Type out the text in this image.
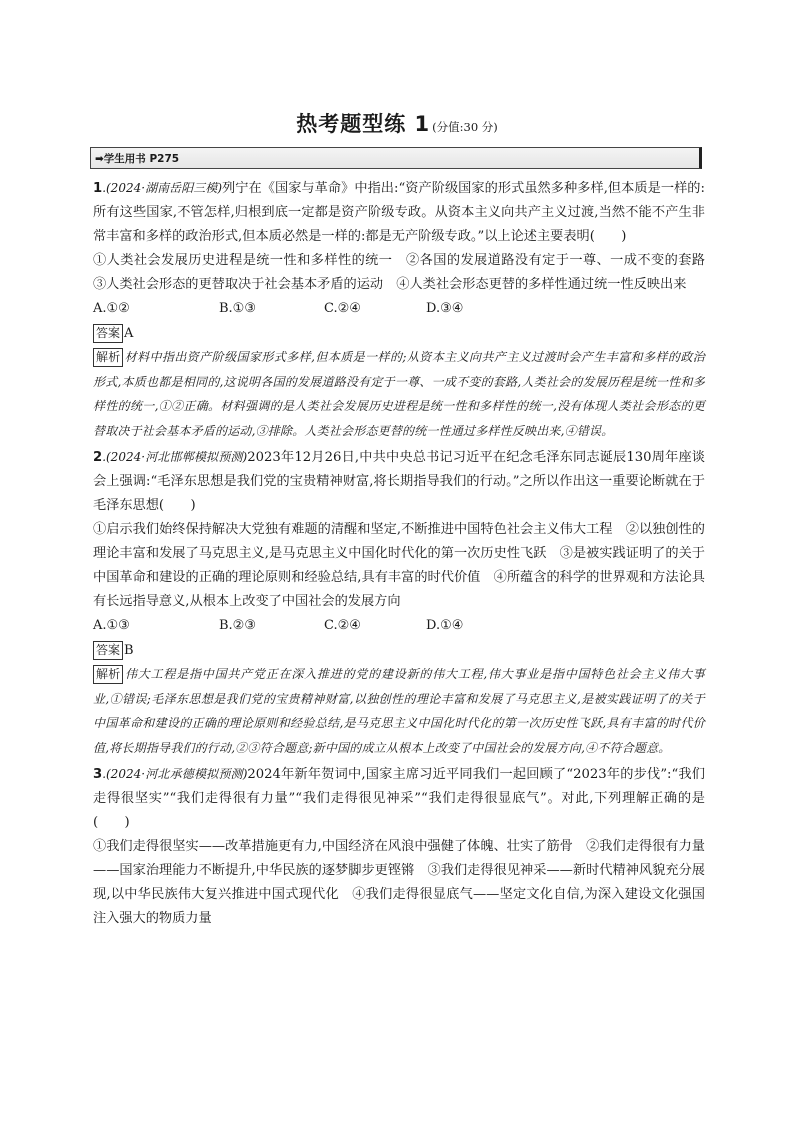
热考题型练 1 (分值:30 分)
➡学生用书 P275

1.(2024·湖南岳阳三模)列宁在《国家与革命》中指出:“资产阶级国家的形式虽然多种多样,但本质是一样的:所有这些国家,不管怎样,归根到底一定都是资产阶级专政。从资本主义向共产主义过渡,当然不能不产生非常丰富和多样的政治形式,但本质必然是一样的:都是无产阶级专政。”以上论述主要表明(　　)

①人类社会发展历史进程是统一性和多样性的统一　②各国的发展道路没有定于一尊、一成不变的套路　③人类社会形态的更替取决于社会基本矛盾的运动　④人类社会形态更替的多样性通过统一性反映出来

A.①②	B.①③	C.②④	D.③④
答案 A

解析 材料中指出资产阶级国家形式多样,但本质是一样的;从资本主义向共产主义过渡时会产生丰富和多样的政治形式,本质也都是相同的,这说明各国的发展道路没有定于一尊、一成不变的套路,人类社会的发展历程是统一性和多样性的统一,①②正确。材料强调的是人类社会发展历史进程是统一性和多样性的统一,没有体现人类社会形态的更替取决于社会基本矛盾的运动,③排除。人类社会形态更替的统一性通过多样性反映出来,④错误。

2.(2024·河北邯郸模拟预测)2023年12月26日,中共中央总书记习近平在纪念毛泽东同志诞辰130周年座谈会上强调:“毛泽东思想是我们党的宝贵精神财富,将长期指导我们的行动。”之所以作出这一重要论断就在于毛泽东思想(　　)

①启示我们始终保持解决大党独有难题的清醒和坚定,不断推进中国特色社会主义伟大工程　②以独创性的理论丰富和发展了马克思主义,是马克思主义中国化时代化的第一次历史性飞跃　③是被实践证明了的关于中国革命和建设的正确的理论原则和经验总结,具有丰富的时代价值　④所蕴含的科学的世界观和方法论具有长远指导意义,从根本上改变了中国社会的发展方向

A.①③	B.②③	C.②④	D.①④
答案 B

解析 伟大工程是指中国共产党正在深入推进的党的建设新的伟大工程,伟大事业是指中国特色社会主义伟大事业,①错误;毛泽东思想是我们党的宝贵精神财富,以独创性的理论丰富和发展了马克思主义,是被实践证明了的关于中国革命和建设的正确的理论原则和经验总结,是马克思主义中国化时代化的第一次历史性飞跃,具有丰富的时代价值,将长期指导我们的行动,②③符合题意;新中国的成立从根本上改变了中国社会的发展方向,④不符合题意。

3.(2024·河北承德模拟预测)2024年新年贺词中,国家主席习近平同我们一起回顾了“2023年的步伐”:“我们走得很坚实”“我们走得很有力量”“我们走得很见神采”“我们走得很显底气”。对此,下列理解正确的是(　　)

①我们走得很坚实——改革措施更有力,中国经济在风浪中强健了体魄、壮实了筋骨　②我们走得很有力量——国家治理能力不断提升,中华民族的逐梦脚步更铿锵　③我们走得很见神采——新时代精神风貌充分展现,以中华民族伟大复兴推进中国式现代化　④我们走得很显底气——坚定文化自信,为深入建设文化强国注入强大的物质力量
